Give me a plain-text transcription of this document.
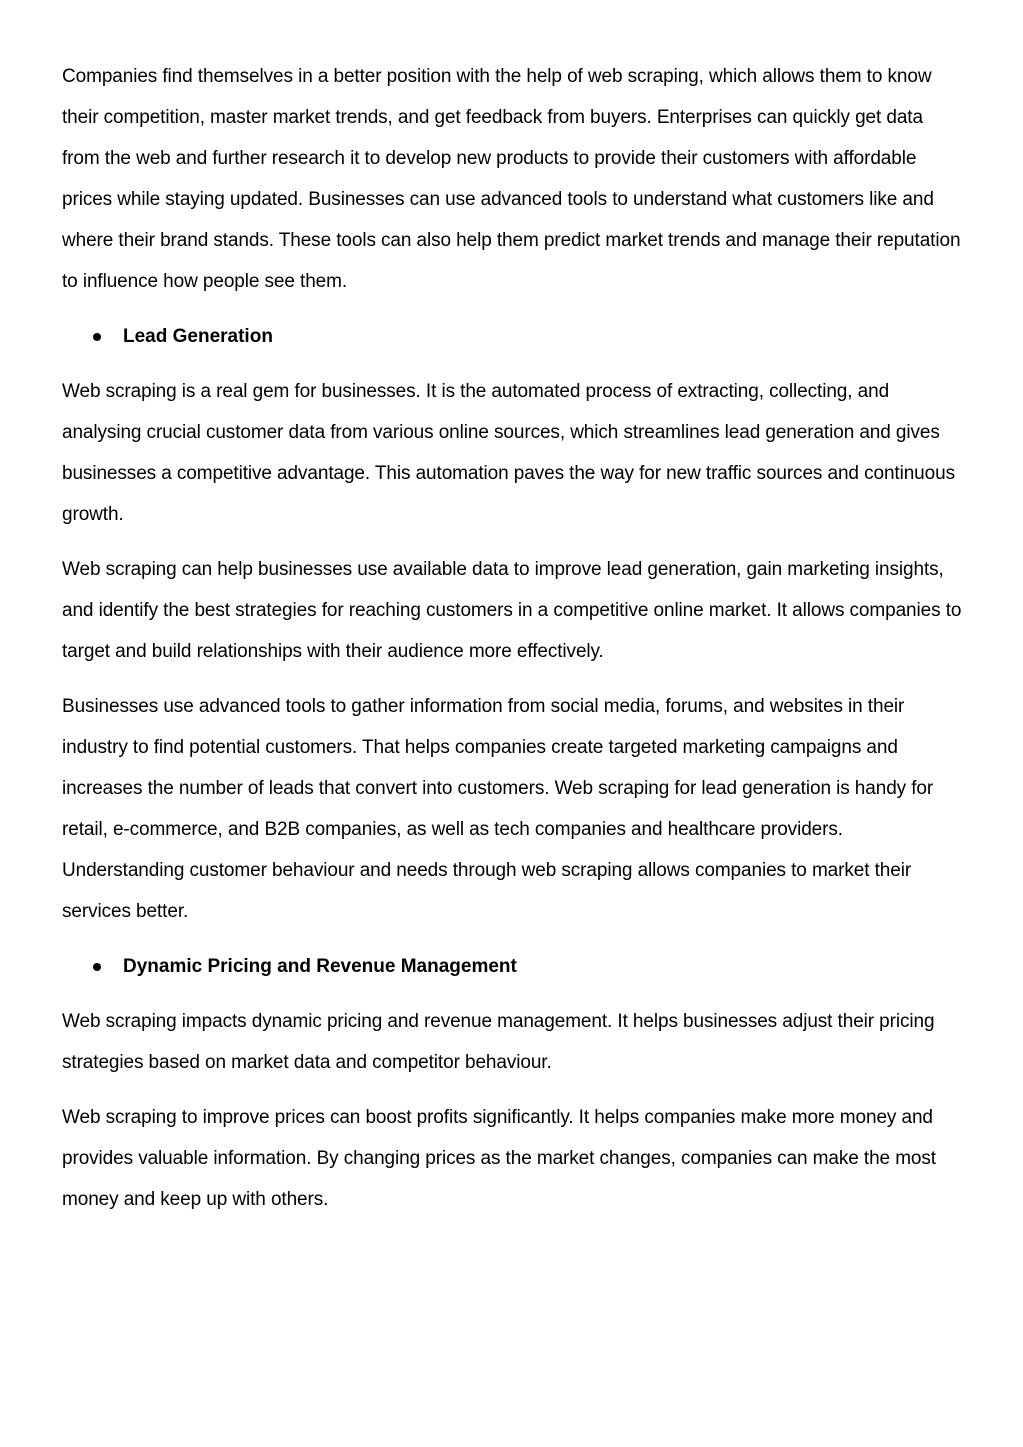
Companies find themselves in a better position with the help of web scraping, which allows them to know their competition, master market trends, and get feedback from buyers. Enterprises can quickly get data from the web and further research it to develop new products to provide their customers with affordable prices while staying updated. Businesses can use advanced tools to understand what customers like and where their brand stands. These tools can also help them predict market trends and manage their reputation to influence how people see them.

Lead Generation

Web scraping is a real gem for businesses. It is the automated process of extracting, collecting, and analysing crucial customer data from various online sources, which streamlines lead generation and gives businesses a competitive advantage. This automation paves the way for new traffic sources and continuous growth.

Web scraping can help businesses use available data to improve lead generation, gain marketing insights, and identify the best strategies for reaching customers in a competitive online market. It allows companies to target and build relationships with their audience more effectively.

Businesses use advanced tools to gather information from social media, forums, and websites in their industry to find potential customers. That helps companies create targeted marketing campaigns and increases the number of leads that convert into customers. Web scraping for lead generation is handy for retail, e-commerce, and B2B companies, as well as tech companies and healthcare providers. Understanding customer behaviour and needs through web scraping allows companies to market their services better.

Dynamic Pricing and Revenue Management

Web scraping impacts dynamic pricing and revenue management. It helps businesses adjust their pricing strategies based on market data and competitor behaviour.

Web scraping to improve prices can boost profits significantly. It helps companies make more money and provides valuable information. By changing prices as the market changes, companies can make the most money and keep up with others.
